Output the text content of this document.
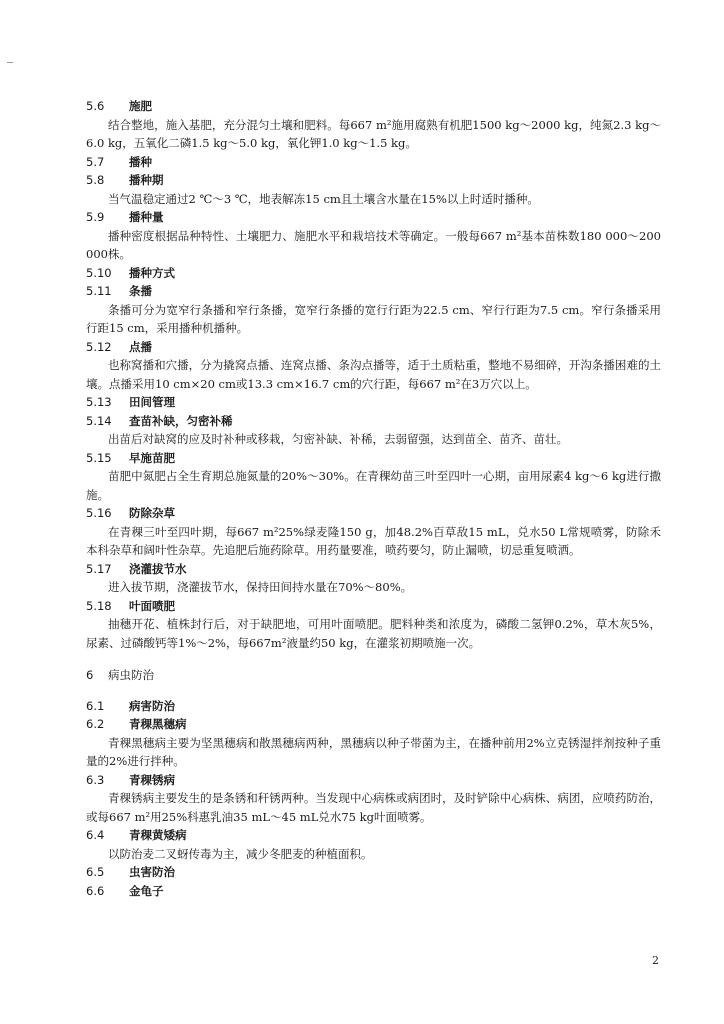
5.6 施肥

结合整地，施入基肥，充分混匀土壤和肥料。每667 m²施用腐熟有机肥1500 kg～2000 kg，纯氮2.3 kg～6.0 kg，五氧化二磷1.5 kg～5.0 kg，氧化钾1.0 kg～1.5 kg。

5.7 播种
5.8 播种期

当气温稳定通过2 ℃～3 ℃，地表解冻15 cm且土壤含水量在15%以上时适时播种。

5.9 播种量

播种密度根据品种特性、土壤肥力、施肥水平和栽培技术等确定。一般每667 m²基本苗株数180 000～200 000株。

5.10 播种方式
5.11 条播

条播可分为宽窄行条播和窄行条播，宽窄行条播的宽行行距为22.5 cm、窄行行距为7.5 cm。窄行条播采用行距15 cm，采用播种机播种。

5.12 点播

也称窝播和穴播，分为撬窝点播、连窝点播、条沟点播等，适于土质粘重，整地不易细碎，开沟条播困难的土壤。点播采用10 cm×20 cm或13.3 cm×16.7 cm的穴行距，每667 m²在3万穴以上。

5.13 田间管理
5.14 查苗补缺，匀密补稀

出苗后对缺窝的应及时补种或移栽，匀密补缺、补稀，去弱留强，达到苗全、苗齐、苗壮。

5.15 早施苗肥

苗肥中氮肥占全生育期总施氮量的20%～30%。在青稞幼苗三叶至四叶一心期，亩用尿素4 kg～6 kg进行撒施。

5.16 防除杂草

在青稞三叶至四叶期，每667 m²25%绿麦隆150 g，加48.2%百草敌15 mL，兑水50 L常规喷雾，防除禾本科杂草和阔叶性杂草。先追肥后施药除草。用药量要准，喷药要匀，防止漏喷，切忌重复喷洒。

5.17 浇灌拔节水

进入拔节期，浇灌拔节水，保持田间持水量在70%～80%。

5.18 叶面喷肥

抽穗开花、植株封行后，对于缺肥地，可用叶面喷肥。肥料种类和浓度为，磷酸二氢钾0.2%，草木灰5%，尿素、过磷酸钙等1%～2%，每667m²液量约50 kg，在灌浆初期喷施一次。

6 病虫防治
6.1 病害防治
6.2 青稞黑穗病

青稞黑穗病主要为坚黑穗病和散黑穗病两种，黑穗病以种子带菌为主，在播种前用2%立克锈湿拌剂按种子重量的2%进行拌种。

6.3 青稞锈病

青稞锈病主要发生的是条锈和秆锈两种。当发现中心病株或病团时，及时铲除中心病株、病团，应喷药防治，或每667 m²用25%科惠乳油35 mL～45 mL兑水75 kg叶面喷雾。

6.4 青稞黄矮病

以防治麦二叉蚜传毒为主，减少冬肥麦的种植面积。

6.5 虫害防治
6.6 金龟子
2
